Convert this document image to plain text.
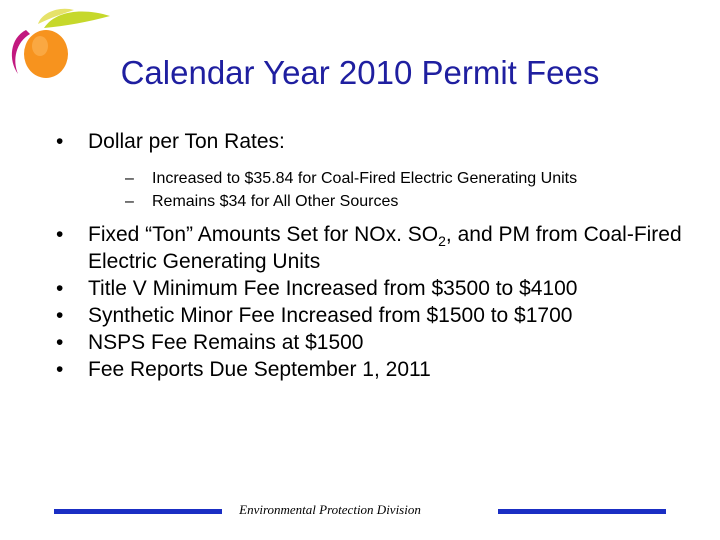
Calendar Year 2010 Permit Fees
•	Dollar per Ton Rates:
–	Increased to $35.84 for Coal-Fired Electric Generating Units
–	Remains $34 for All Other Sources
•	Fixed “Ton” Amounts Set for NOx. $SO_2$, and PM from Coal-Fired Electric Generating Units
•	Title V Minimum Fee Increased from $3500 to $4100
•	Synthetic Minor Fee Increased from $1500 to $1700
•	NSPS Fee Remains at $1500
•	Fee Reports Due September 1, 2011
Environmental Protection Division
